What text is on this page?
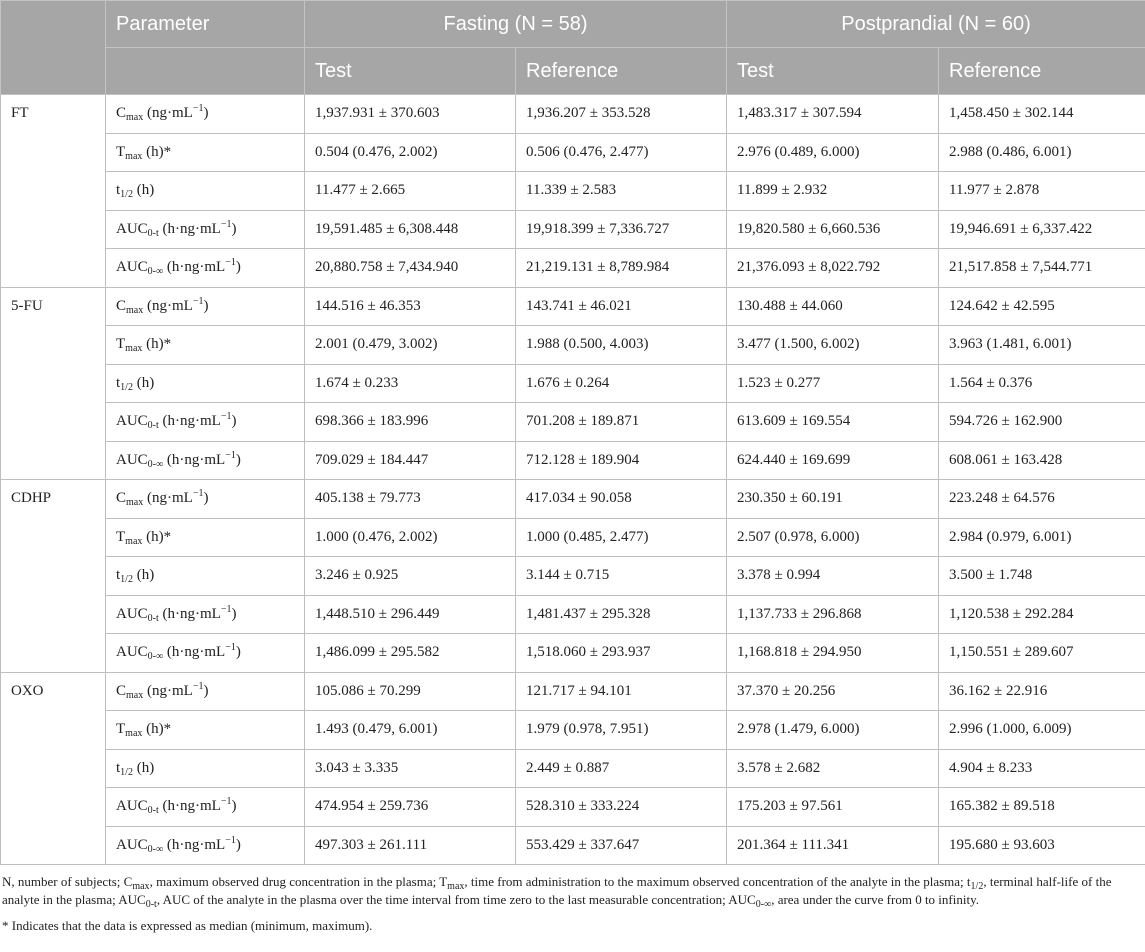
	Parameter	Fasting (N = 58)		Postprandial (N = 60)	
		Test	Reference	Test	Reference
FT	$C_{max}$ $(ng\cdot mL^{-1})$	1,937.931 ± 370.603	1,936.207 ± 353.528	1,483.317 ± 307.594	1,458.450 ± 302.144
	$T_{max}$ (h)*	0.504 (0.476, 2.002)	0.506 (0.476, 2.477)	2.976 (0.489, 6.000)	2.988 (0.486, 6.001)
	$t_{1/2}$ (h)	11.477 ± 2.665	11.339 ± 2.583	11.899 ± 2.932	11.977 ± 2.878
	$AUC_{0-t}$ $(h\cdot ng\cdot mL^{-1})$	19,591.485 ± 6,308.448	19,918.399 ± 7,336.727	19,820.580 ± 6,660.536	19,946.691 ± 6,337.422
	$AUC_{0-\infty}$ $(h\cdot ng\cdot mL^{-1})$	20,880.758 ± 7,434.940	21,219.131 ± 8,789.984	21,376.093 ± 8,022.792	21,517.858 ± 7,544.771
5-FU	$C_{max}$ $(ng\cdot mL^{-1})$	144.516 ± 46.353	143.741 ± 46.021	130.488 ± 44.060	124.642 ± 42.595
	$T_{max}$ (h)*	2.001 (0.479, 3.002)	1.988 (0.500, 4.003)	3.477 (1.500, 6.002)	3.963 (1.481, 6.001)
	$t_{1/2}$ (h)	1.674 ± 0.233	1.676 ± 0.264	1.523 ± 0.277	1.564 ± 0.376
	$AUC_{0-t}$ $(h\cdot ng\cdot mL^{-1})$	698.366 ± 183.996	701.208 ± 189.871	613.609 ± 169.554	594.726 ± 162.900
	$AUC_{0-\infty}$ $(h\cdot ng\cdot mL^{-1})$	709.029 ± 184.447	712.128 ± 189.904	624.440 ± 169.699	608.061 ± 163.428
CDHP	$C_{max}$ $(ng\cdot mL^{-1})$	405.138 ± 79.773	417.034 ± 90.058	230.350 ± 60.191	223.248 ± 64.576
	$T_{max}$ (h)*	1.000 (0.476, 2.002)	1.000 (0.485, 2.477)	2.507 (0.978, 6.000)	2.984 (0.979, 6.001)
	$t_{1/2}$ (h)	3.246 ± 0.925	3.144 ± 0.715	3.378 ± 0.994	3.500 ± 1.748
	$AUC_{0-t}$ $(h\cdot ng\cdot mL^{-1})$	1,448.510 ± 296.449	1,481.437 ± 295.328	1,137.733 ± 296.868	1,120.538 ± 292.284
	$AUC_{0-\infty}$ $(h\cdot ng\cdot mL^{-1})$	1,486.099 ± 295.582	1,518.060 ± 293.937	1,168.818 ± 294.950	1,150.551 ± 289.607
OXO	$C_{max}$ $(ng\cdot mL^{-1})$	105.086 ± 70.299	121.717 ± 94.101	37.370 ± 20.256	36.162 ± 22.916
	$T_{max}$ (h)*	1.493 (0.479, 6.001)	1.979 (0.978, 7.951)	2.978 (1.479, 6.000)	2.996 (1.000, 6.009)
	$t_{1/2}$ (h)	3.043 ± 3.335	2.449 ± 0.887	3.578 ± 2.682	4.904 ± 8.233
	$AUC_{0-t}$ $(h\cdot ng\cdot mL^{-1})$	474.954 ± 259.736	528.310 ± 333.224	175.203 ± 97.561	165.382 ± 89.518
	$AUC_{0-\infty}$ $(h\cdot ng\cdot mL^{-1})$	497.303 ± 261.111	553.429 ± 337.647	201.364 ± 111.341	195.680 ± 93.603

N, number of subjects; $C_{max}$, maximum observed drug concentration in the plasma; $T_{max}$, time from administration to the maximum observed concentration of the analyte in the plasma; $t_{1/2}$, terminal half-life of the analyte in the plasma; $AUC_{0-t}$, AUC of the analyte in the plasma over the time interval from time zero to the last measurable concentration; $AUC_{0-\infty}$, area under the curve from 0 to infinity.

* Indicates that the data is expressed as median (minimum, maximum).
